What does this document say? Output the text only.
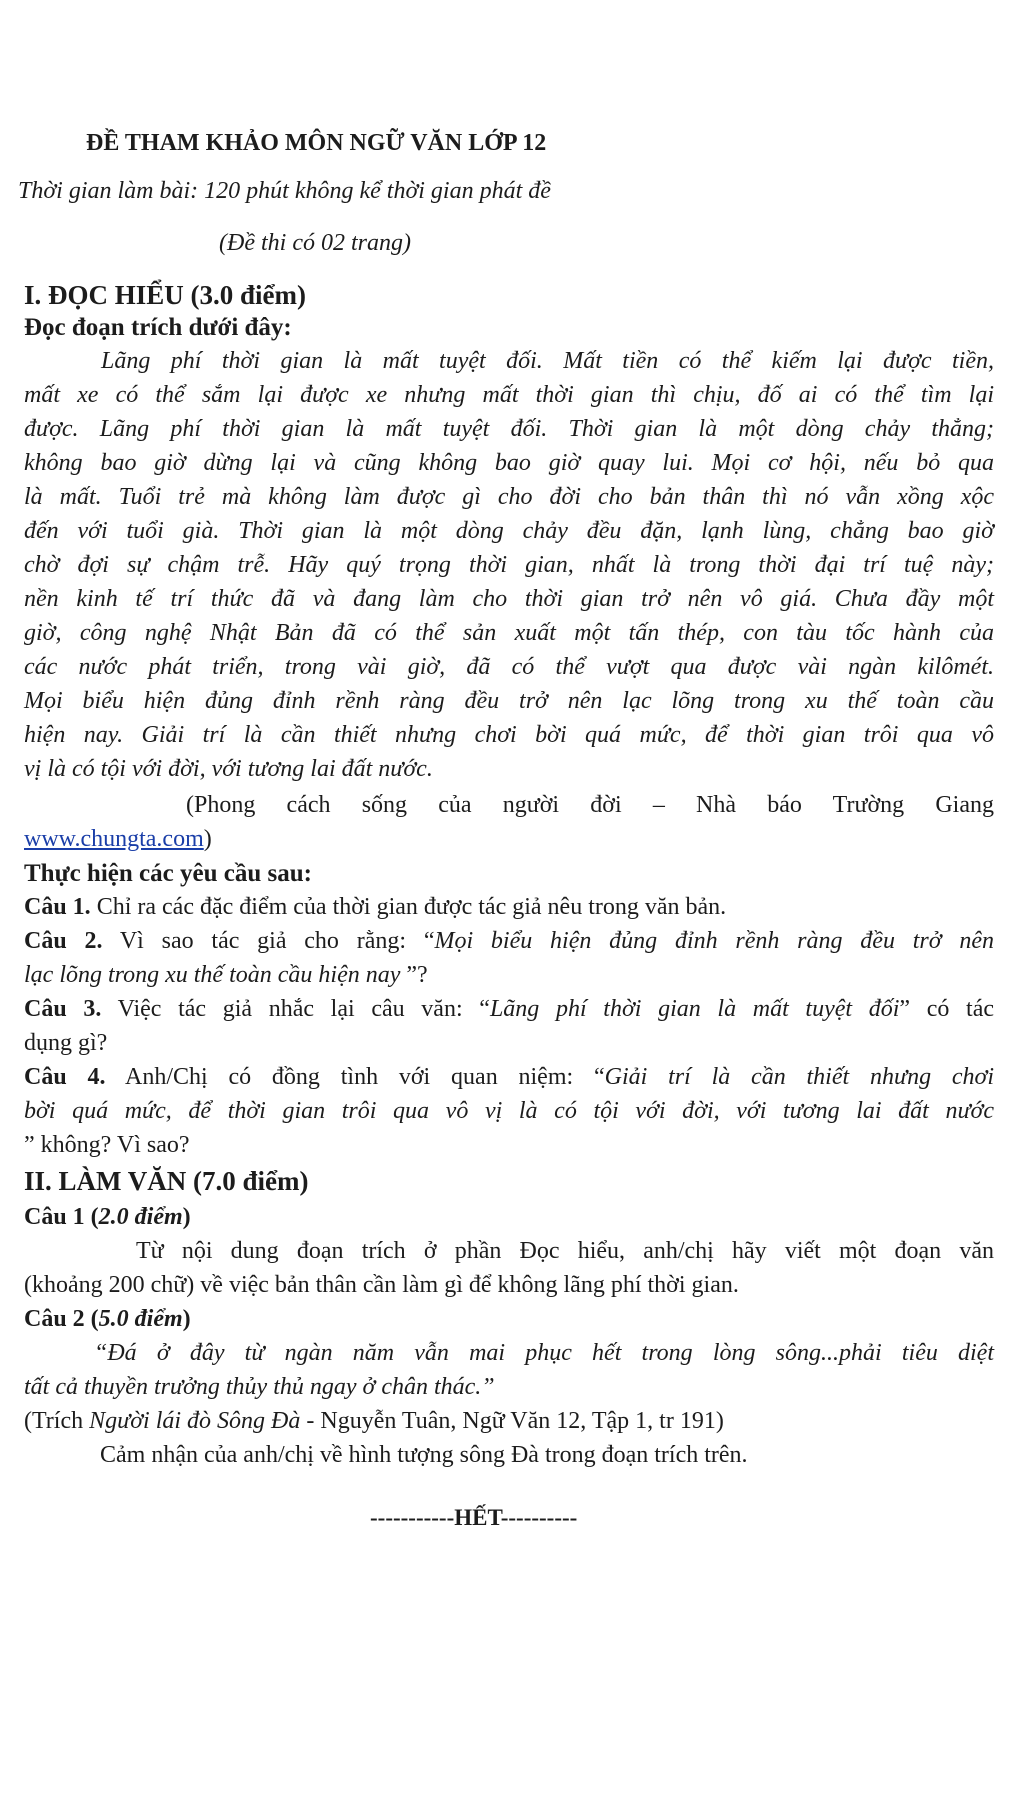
ĐỀ THAM KHẢO MÔN NGỮ VĂN LỚP 12
Thời gian làm bài: 120 phút không kể thời gian phát đề
(Đề thi có 02 trang)
I. ĐỌC HIỂU (3.0 điểm)
Đọc đoạn trích dưới đây:
Lãng phí thời gian là mất tuyệt đối. Mất tiền có thể kiếm lại được tiền,
mất xe có thể sắm lại được xe nhưng mất thời gian thì chịu, đố ai có thể tìm lại
được. Lãng phí thời gian là mất tuyệt đối. Thời gian là một dòng chảy thẳng;
không bao giờ dừng lại và cũng không bao giờ quay lui. Mọi cơ hội, nếu bỏ qua
là mất. Tuổi trẻ mà không làm được gì cho đời cho bản thân thì nó vẫn xồng xộc
đến với tuổi già. Thời gian là một dòng chảy đều đặn, lạnh lùng, chẳng bao giờ
chờ đợi sự chậm trễ. Hãy quý trọng thời gian, nhất là trong thời đại trí tuệ này;
nền kinh tế trí thức đã và đang làm cho thời gian trở nên vô giá. Chưa đầy một
giờ, công nghệ Nhật Bản đã có thể sản xuất một tấn thép, con tàu tốc hành của
các nước phát triển, trong vài giờ, đã có thể vượt qua được vài ngàn kilômét.
Mọi biểu hiện đủng đỉnh rềnh ràng đều trở nên lạc lõng trong xu thế toàn cầu
hiện nay. Giải trí là cần thiết nhưng chơi bời quá mức, để thời gian trôi qua vô
vị là có tội với đời, với tương lai đất nước.
(Phong cách sống của người đời – Nhà báo Trường Giang
www.chungta.com)
Thực hiện các yêu cầu sau:
Câu 1. Chỉ ra các đặc điểm của thời gian được tác giả nêu trong văn bản.
Câu 2. Vì sao tác giả cho rằng: “Mọi biểu hiện đủng đỉnh rềnh ràng đều trở nên
lạc lõng trong xu thế toàn cầu hiện nay ”?
Câu 3. Việc tác giả nhắc lại câu văn: “Lãng phí thời gian là mất tuyệt đối” có tác
dụng gì?
Câu 4. Anh/Chị có đồng tình với quan niệm: “Giải trí là cần thiết nhưng chơi
bời quá mức, để thời gian trôi qua vô vị là có tội với đời, với tương lai đất nước
” không? Vì sao?
II. LÀM VĂN (7.0 điểm)
Câu 1 (2.0 điểm)
Từ nội dung đoạn trích ở phần Đọc hiểu, anh/chị hãy viết một đoạn văn
(khoảng 200 chữ) về việc bản thân cần làm gì để không lãng phí thời gian.
Câu 2 (5.0 điểm)
“Đá ở đây từ ngàn năm vẫn mai phục hết trong lòng sông...phải tiêu diệt
tất cả thuyền trưởng thủy thủ ngay ở chân thác.”
(Trích Người lái đò Sông Đà - Nguyễn Tuân, Ngữ Văn 12, Tập 1, tr 191)
Cảm nhận của anh/chị về hình tượng sông Đà trong đoạn trích trên.
-----------HẾT----------
